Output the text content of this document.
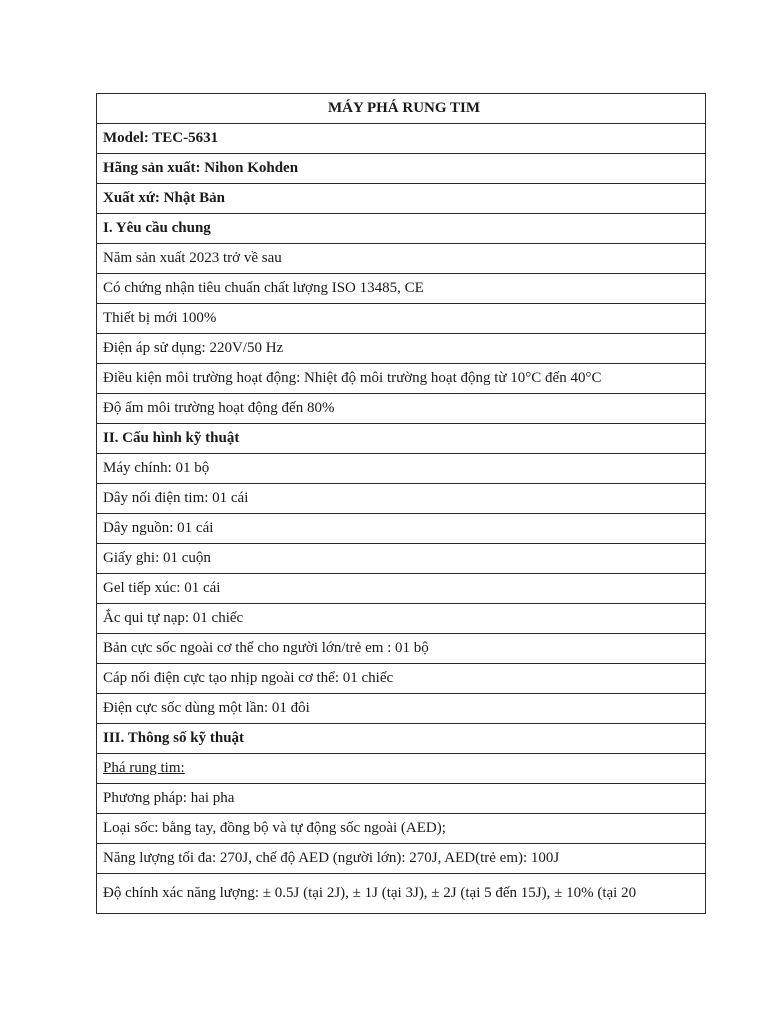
MÁY PHÁ RUNG TIM
Model: TEC-5631
Hãng sản xuất: Nihon Kohden
Xuất xứ: Nhật Bản
I. Yêu cầu chung
Năm sản xuất 2023 trở về sau
Có chứng nhận tiêu chuẩn chất lượng ISO 13485, CE
Thiết bị mới 100%
Điện áp sử dụng: 220V/50 Hz
Điều kiện môi trường hoạt động: Nhiệt độ môi trường hoạt động từ 10°C đến 40°C
Độ ẩm môi trường hoạt động đến 80%
II. Cấu hình kỹ thuật
Máy chính: 01 bộ
Dây nối điện tim: 01 cái
Dây nguồn: 01 cái
Giấy ghi: 01 cuộn
Gel tiếp xúc: 01 cái
Ắc qui tự nạp: 01 chiếc
Bản cực sốc ngoài cơ thể cho người lớn/trẻ em : 01 bộ
Cáp nối điện cực tạo nhịp ngoài cơ thể: 01 chiếc
Điện cực sốc dùng một lần: 01 đôi
III. Thông số kỹ thuật
Phá rung tim:
Phương pháp: hai pha
Loại sốc: bằng tay, đồng bộ và tự động sốc ngoài (AED);
Năng lượng tối đa: 270J, chế độ AED (người lớn): 270J, AED(trẻ em): 100J
Độ chính xác năng lượng: ± 0.5J (tại 2J), ± 1J (tại 3J), ± 2J (tại 5 đến 15J), ± 10% (tại 20
